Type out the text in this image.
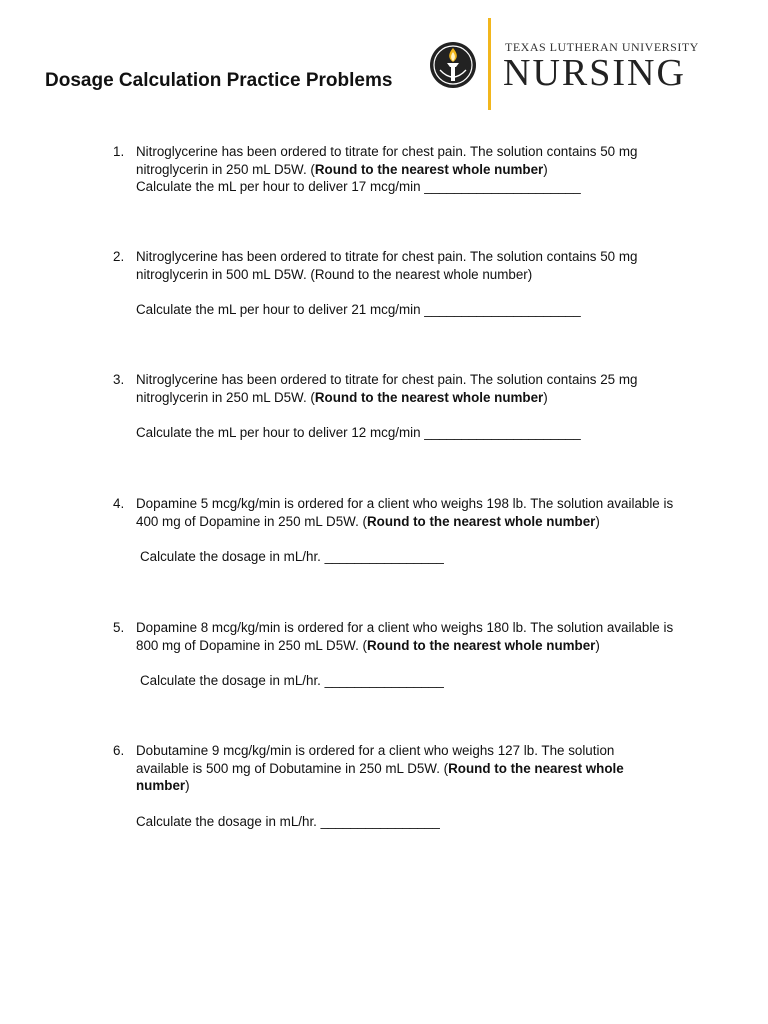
Dosage Calculation Practice Problems
TEXAS LUTHERAN UNIVERSITY
NURSING
1. Nitroglycerine has been ordered to titrate for chest pain. The solution contains 50 mg nitroglycerin in 250 mL D5W. (Round to the nearest whole number)

Calculate the mL per hour to deliver 17 mcg/min _____________________

2. Nitroglycerine has been ordered to titrate for chest pain. The solution contains 50 mg nitroglycerin in 500 mL D5W. (Round to the nearest whole number)

Calculate the mL per hour to deliver 21 mcg/min _____________________

3. Nitroglycerine has been ordered to titrate for chest pain. The solution contains 25 mg nitroglycerin in 250 mL D5W. (Round to the nearest whole number)

Calculate the mL per hour to deliver 12 mcg/min _____________________

4. Dopamine 5 mcg/kg/min is ordered for a client who weighs 198 lb. The solution available is 400 mg of Dopamine in 250 mL D5W. (Round to the nearest whole number)

Calculate the dosage in mL/hr. ________________

5. Dopamine 8 mcg/kg/min is ordered for a client who weighs 180 lb. The solution available is 800 mg of Dopamine in 250 mL D5W. (Round to the nearest whole number)

Calculate the dosage in mL/hr. ________________

6. Dobutamine 9 mcg/kg/min is ordered for a client who weighs 127 lb. The solution available is 500 mg of Dobutamine in 250 mL D5W. (Round to the nearest whole number)

Calculate the dosage in mL/hr. ________________
